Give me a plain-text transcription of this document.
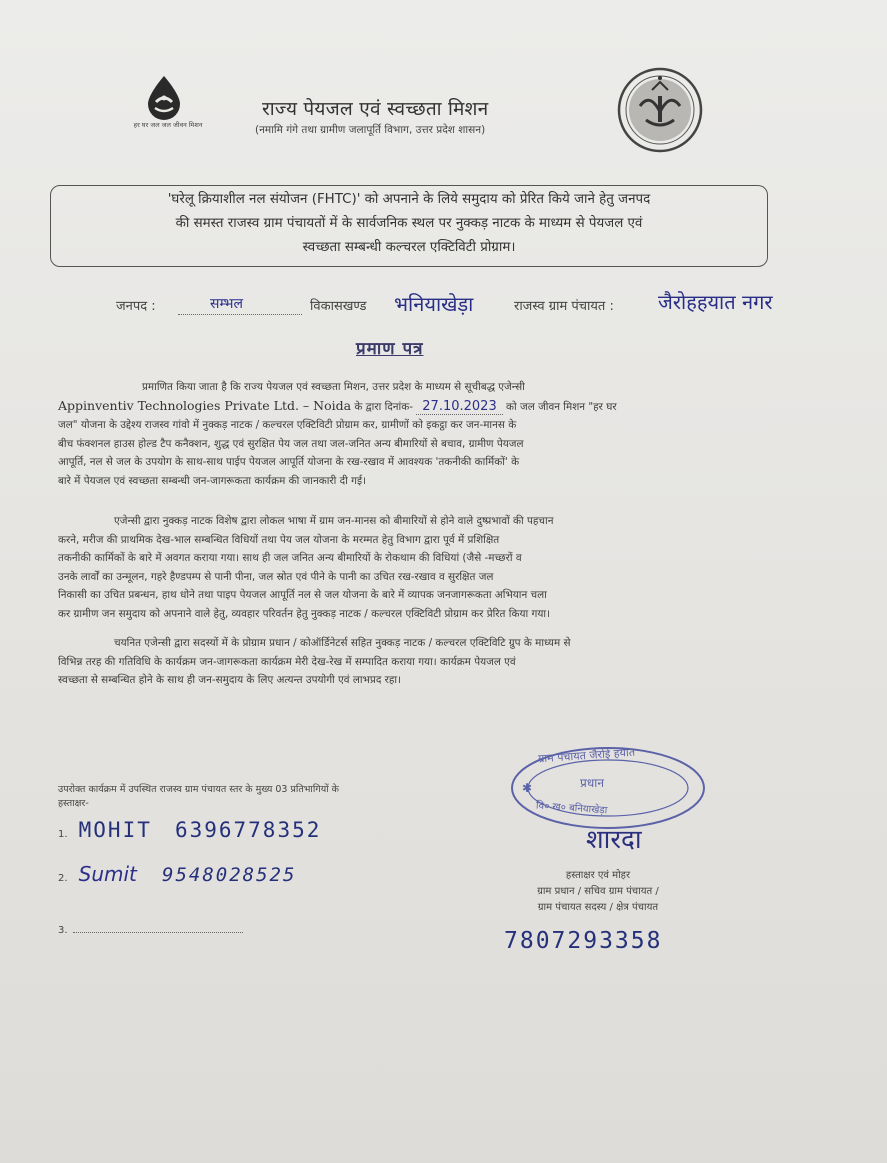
हर घर जल जल जीवन मिशन
राज्य पेयजल एवं स्वच्छता मिशन
(नमामि गंगे तथा ग्रामीण जलापूर्ति विभाग, उत्तर प्रदेश शासन)
'घरेलू क्रियाशील नल संयोजन (FHTC)' को अपनाने के लिये समुदाय को प्रेरित किये जाने हेतु जनपद
की समस्त राजस्व ग्राम पंचायतों में के सार्वजनिक स्थल पर नुक्कड़ नाटक के माध्यम से पेयजल एवं
स्वच्छता सम्बन्धी कल्चरल एक्टिविटी प्रोग्राम।
जनपद :	सम्भल	विकासखण्ड भनियाखेड़ा	राजस्व ग्राम पंचायत : जैरोहहयात नगर
प्रमाण पत्र
प्रमाणित किया जाता है कि राज्य पेयजल एवं स्वच्छता मिशन, उत्तर प्रदेश के माध्यम से सूचीबद्ध एजेन्सी
Appinventiv Technologies Private Ltd. – Noida के द्वारा दिनांक- 27.10.2023 को जल जीवन मिशन "हर घर
जल" योजना के उद्देश्य राजस्व गांवो में नुक्कड़ नाटक / कल्चरल एक्टिविटी प्रोग्राम कर, ग्रामीणों को इकट्ठा कर जन-मानस के
बीच फंक्शनल हाउस होल्ड टैप कनैक्शन, शुद्ध एवं सुरक्षित पेय जल तथा जल-जनित अन्य बीमारियों से बचाव, ग्रामीण पेयजल
आपूर्ति, नल से जल के उपयोग के साथ-साथ पाईप पेयजल आपूर्ति योजना के रख-रखाव में आवश्यक 'तकनीकी कार्मिकों' के
बारे में पेयजल एवं स्वच्छता सम्बन्धी जन-जागरूकता कार्यक्रम की जानकारी दी गई।
एजेन्सी द्वारा नुक्कड़ नाटक विशेष द्वारा लोकल भाषा में ग्राम जन-मानस को बीमारियों से होने वाले दुष्प्रभावों की पहचान
करने, मरीज की प्राथमिक देख-भाल सम्बन्धित विधियों तथा पेय जल योजना के मरम्मत हेतु विभाग द्वारा पूर्व में प्रशिक्षित
तकनीकी कार्मिकों के बारे में अवगत कराया गया। साथ ही जल जनित अन्य बीमारियों के रोकथाम की विधियां (जैसे -मच्छरों व
उनके लार्वों का उन्मूलन, गहरे हैण्डपम्प से पानी पीना, जल स्रोत एवं पीने के पानी का उचित रख-रखाव व सुरक्षित जल
निकासी का उचित प्रबन्धन, हाथ धोने तथा पाइप पेयजल आपूर्ति नल से जल योजना के बारे में व्यापक जनजागरूकता अभियान चला
कर ग्रामीण जन समुदाय को अपनाने वाले हेतु, व्यवहार परिवर्तन हेतु नुक्कड़ नाटक / कल्चरल एक्टिविटी प्रोग्राम कर प्रेरित किया गया।
चयनित एजेन्सी द्वारा सदस्यों में के प्रोग्राम प्रधान / कोऑर्डिनेटर्स सहित नुक्कड़ नाटक / कल्चरल एक्टिविटि ग्रुप के माध्यम से
विभिन्न तरह की गतिविधि के कार्यक्रम जन-जागरूकता कार्यक्रम मेरी देख-रेख में सम्पादित कराया गया। कार्यक्रम पेयजल एवं
स्वच्छता से सम्बन्धित होने के साथ ही जन-समुदाय के लिए अत्यन्त उपयोगी एवं लाभप्रद रहा।
उपरोक्त कार्यक्रम में उपस्थित राजस्व ग्राम पंचायत स्तर के मुख्य 03 प्रतिभागियों के
हस्ताक्षर-
1. MOHIT 6396778352
2. Sumit 9548028525
3.
✱
ग्राम पंचायत जैरोई हयात
प्रधान
वि० ख० बनियाखेड़ा
शारदा
हस्ताक्षर एवं मोहर
ग्राम प्रधान / सचिव ग्राम पंचायत /
ग्राम पंचायत सदस्य / क्षेत्र पंचायत
7807293358
